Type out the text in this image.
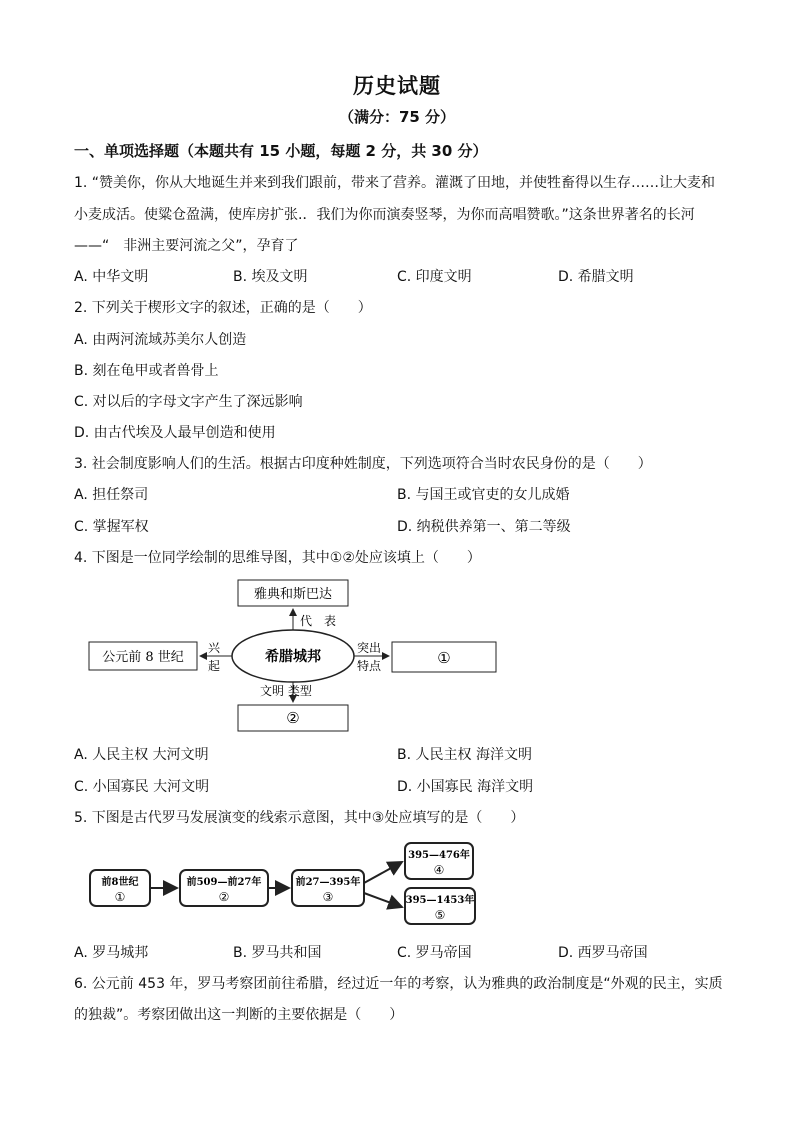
历史试题
（满分：75 分）
一、单项选择题（本题共有 15 小题，每题 2 分，共 30 分）
1. “赞美你，你从大地诞生并来到我们跟前，带来了营养。灌溉了田地，并使牲畜得以生存……让大麦和
小麦成活。使粱仓盈满，使库房扩张.．我们为你而演奏竖琴，为你而高唱赞歌。”这条世界著名的长河
——“　非洲主要河流之父”，孕育了
A. 中华文明	B. 埃及文明	C. 印度文明	D. 希腊文明
2. 下列关于楔形文字的叙述，正确的是（　　）
A. 由两河流域苏美尔人创造
B. 刻在龟甲或者兽骨上
C. 对以后的字母文字产生了深远影响
D. 由古代埃及人最早创造和使用
3. 社会制度影响人们的生活。根据古印度种姓制度，下列选项符合当时农民身份的是（　　）
A. 担任祭司	B. 与国王或官吏的女儿成婚
C. 掌握军权	D. 纳税供养第一、第二等级
4. 下图是一位同学绘制的思维导图，其中①②处应该填上（　　）
雅典和斯巴达
公元前 8 世纪	①
②
希腊城邦
代　表
兴
起
突出
特点
文明 类型
A. 人民主权 大河文明	B. 人民主权 海洋文明
C. 小国寡民 大河文明	D. 小国寡民 海洋文明
5. 下图是古代罗马发展演变的线索示意图，其中③处应填写的是（　　）
前8世纪
①
前509—前27年
②
前27—395年
③
395—476年
④
395—1453年
⑤
A. 罗马城邦	B. 罗马共和国	C. 罗马帝国	D. 西罗马帝国
6. 公元前 453 年，罗马考察团前往希腊，经过近一年的考察，认为雅典的政治制度是“外观的民主，实质
的独裁”。考察团做出这一判断的主要依据是（　　）
